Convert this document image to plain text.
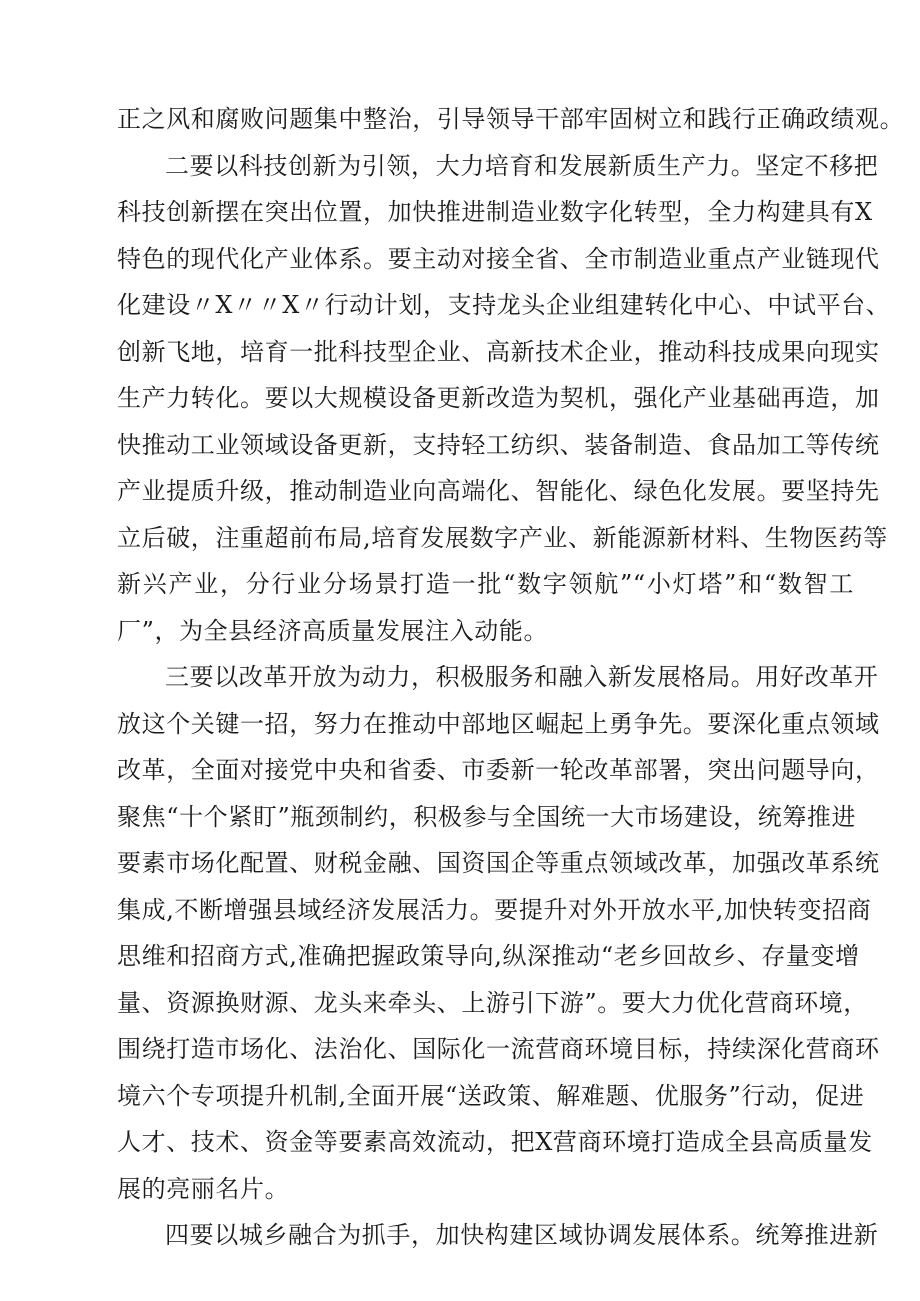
正之风和腐败问题集中整治，引导领导干部牢固树立和践行正确政绩观。
二要以科技创新为引领，大力培育和发展新质生产力。坚定不移把
科技创新摆在突出位置，加快推进制造业数字化转型，全力构建具有X
特色的现代化产业体系。要主动对接全省、全市制造业重点产业链现代
化建设〃X〃〃X〃行动计划，支持龙头企业组建转化中心、中试平台、
创新飞地，培育一批科技型企业、高新技术企业，推动科技成果向现实
生产力转化。要以大规模设备更新改造为契机，强化产业基础再造，加
快推动工业领域设备更新，支持轻工纺织、装备制造、食品加工等传统
产业提质升级，推动制造业向高端化、智能化、绿色化发展。要坚持先
立后破，注重超前布局,培育发展数字产业、新能源新材料、生物医药等
新兴产业，分行业分场景打造一批“数字领航”“小灯塔”和“数智工
厂”，为全县经济高质量发展注入动能。
三要以改革开放为动力，积极服务和融入新发展格局。用好改革开
放这个关键一招，努力在推动中部地区崛起上勇争先。要深化重点领域
改革，全面对接党中央和省委、市委新一轮改革部署，突出问题导向，
聚焦“十个紧盯”瓶颈制约，积极参与全国统一大市场建设，统筹推进
要素市场化配置、财税金融、国资国企等重点领域改革，加强改革系统
集成,不断增强县域经济发展活力。要提升对外开放水平,加快转变招商
思维和招商方式,准确把握政策导向,纵深推动“老乡回故乡、存量变增
量、资源换财源、龙头来牵头、上游引下游”。要大力优化营商环境，
围绕打造市场化、法治化、国际化一流营商环境目标，持续深化营商环
境六个专项提升机制,全面开展“送政策、解难题、优服务”行动，促进
人才、技术、资金等要素高效流动，把X营商环境打造成全县高质量发
展的亮丽名片。
四要以城乡融合为抓手，加快构建区域协调发展体系。统筹推进新
